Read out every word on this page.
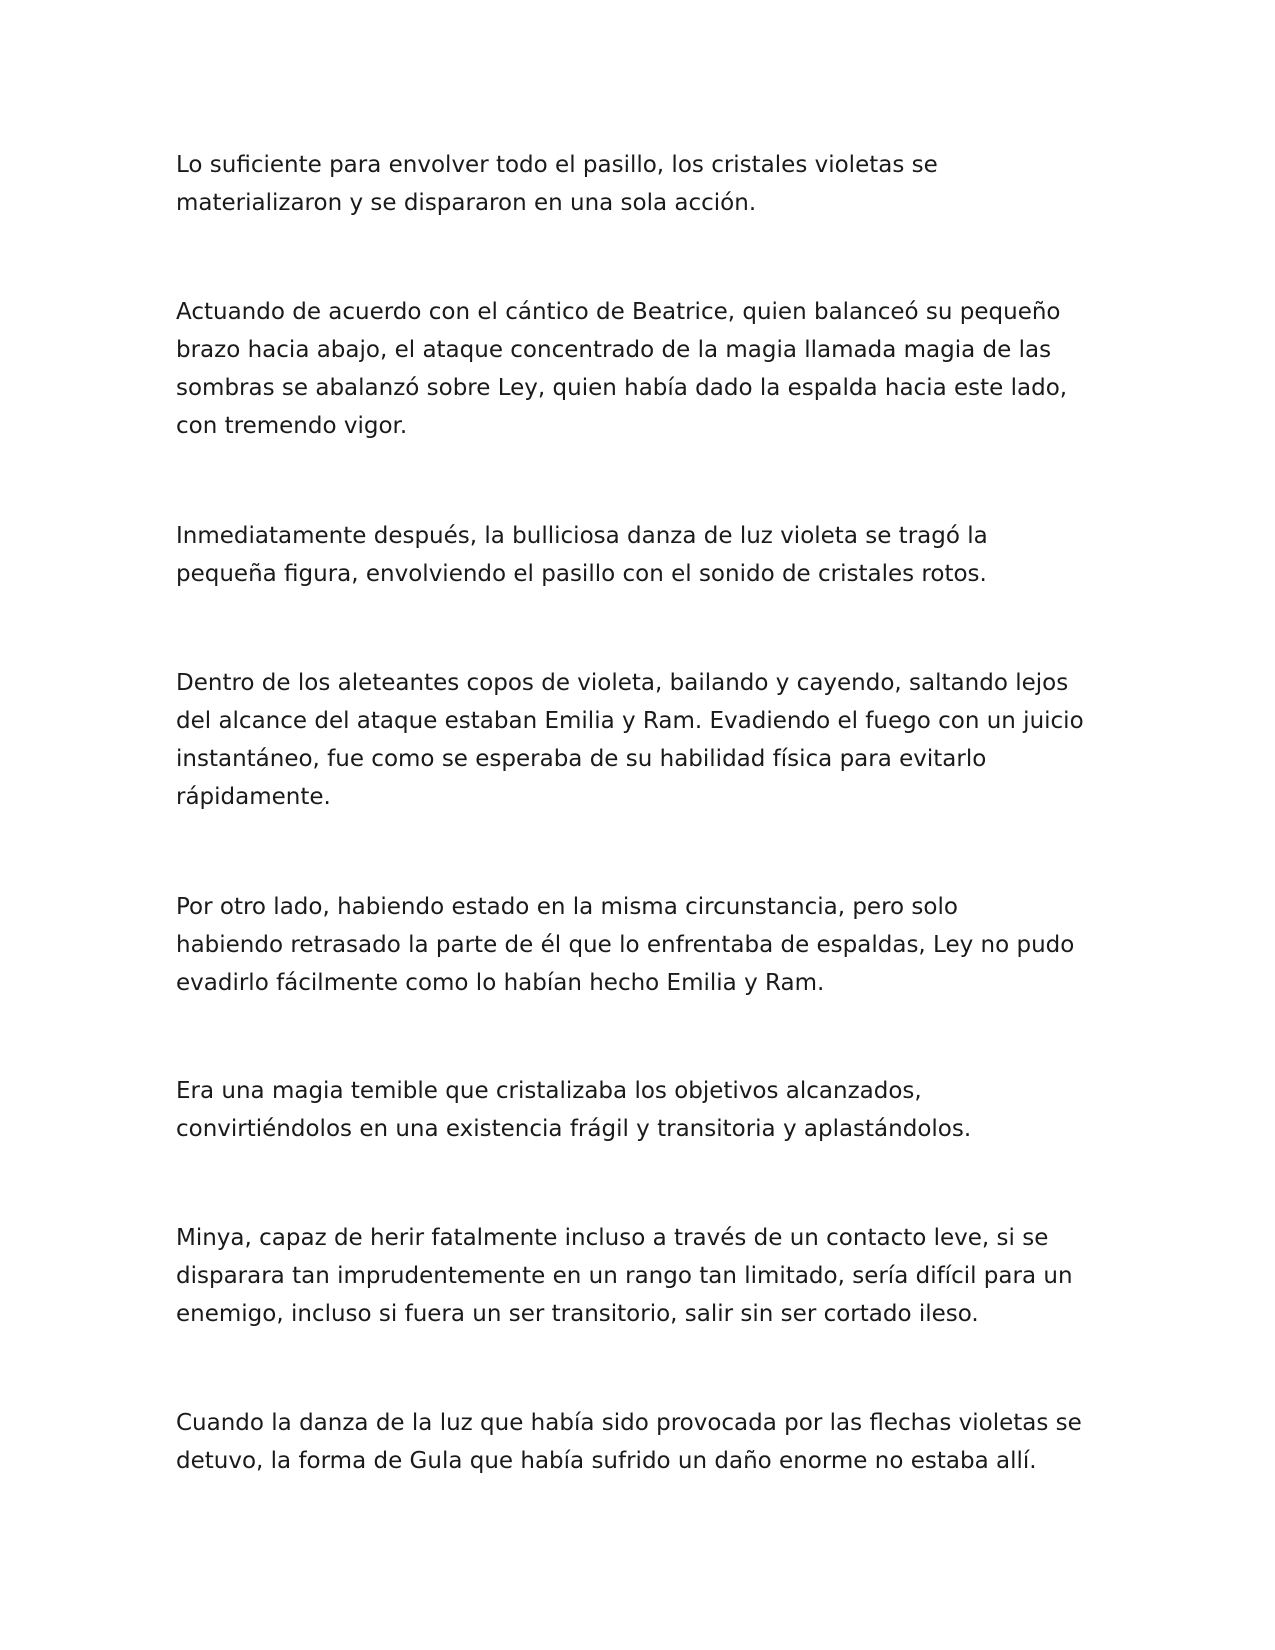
Lo suficiente para envolver todo el pasillo, los cristales violetas se
materializaron y se dispararon en una sola acción.

Actuando de acuerdo con el cántico de Beatrice, quien balanceó su pequeño
brazo hacia abajo, el ataque concentrado de la magia llamada magia de las
sombras se abalanzó sobre Ley, quien había dado la espalda hacia este lado,
con tremendo vigor.

Inmediatamente después, la bulliciosa danza de luz violeta se tragó la
pequeña figura, envolviendo el pasillo con el sonido de cristales rotos.

Dentro de los aleteantes copos de violeta, bailando y cayendo, saltando lejos
del alcance del ataque estaban Emilia y Ram. Evadiendo el fuego con un juicio
instantáneo, fue como se esperaba de su habilidad física para evitarlo
rápidamente.

Por otro lado, habiendo estado en la misma circunstancia, pero solo
habiendo retrasado la parte de él que lo enfrentaba de espaldas, Ley no pudo
evadirlo fácilmente como lo habían hecho Emilia y Ram.

Era una magia temible que cristalizaba los objetivos alcanzados,
convirtiéndolos en una existencia frágil y transitoria y aplastándolos.

Minya, capaz de herir fatalmente incluso a través de un contacto leve, si se
disparara tan imprudentemente en un rango tan limitado, sería difícil para un
enemigo, incluso si fuera un ser transitorio, salir sin ser cortado ileso.

Cuando la danza de la luz que había sido provocada por las flechas violetas se
detuvo, la forma de Gula que había sufrido un daño enorme no estaba allí.
